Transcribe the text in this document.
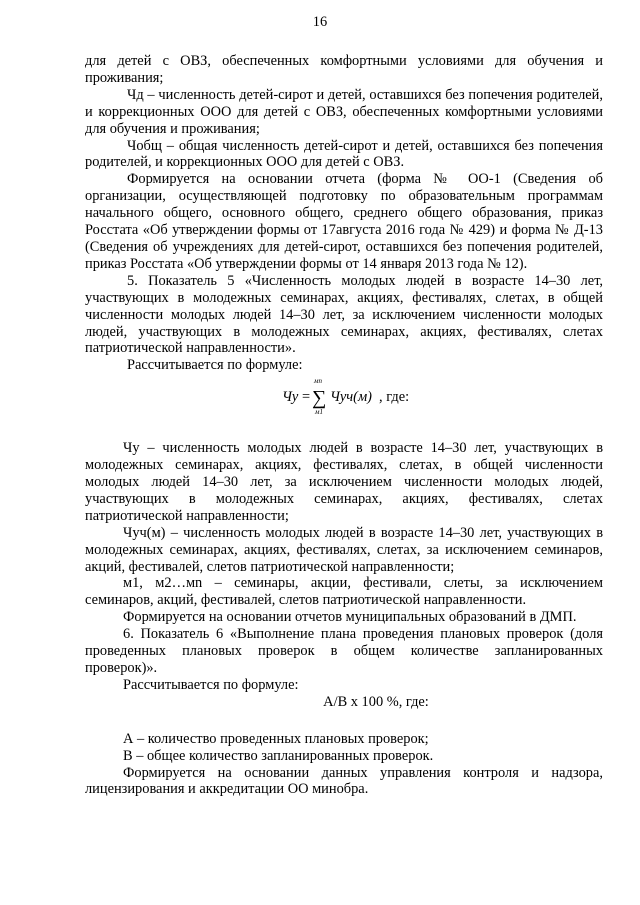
16

для детей с ОВЗ, обеспеченных комфортными условиями для обучения и проживания;

Чд – численность детей-сирот и детей, оставшихся без попечения родителей, и коррекционных ООО для детей с ОВЗ, обеспеченных комфортными условиями для обучения и проживания;

Чобщ – общая численность детей-сирот и детей, оставшихся без попечения родителей, и коррекционных ООО для детей с ОВЗ.

Формируется на основании отчета (форма № ОО-1 (Сведения об организации, осуществляющей подготовку по образовательным программам начального общего, основного общего, среднего общего образования, приказ Росстата «Об утверждении формы от 17августа 2016 года № 429) и форма № Д-13 (Сведения об учреждениях для детей-сирот, оставшихся без попечения родителей, приказ Росстата «Об утверждении формы от 14 января 2013 года № 12).

5. Показатель 5 «Численность молодых людей в возрасте 14–30 лет, участвующих в молодежных семинарах, акциях, фестивалях, слетах, в общей численности молодых людей 14–30 лет, за исключением численности молодых людей, участвующих в молодежных семинарах, акциях, фестивалях, слетах патриотической направленности».

Рассчитывается по формуле:

Чу =
мn
∑
м1
Чуч(м) , где:

Чу – численность молодых людей в возрасте 14–30 лет, участвующих в молодежных семинарах, акциях, фестивалях, слетах, в общей численности молодых людей 14–30 лет, за исключением численности молодых людей, участвующих в молодежных семинарах, акциях, фестивалях, слетах патриотической направленности;

Чуч(м) – численность молодых людей в возрасте 14–30 лет, участвующих в молодежных семинарах, акциях, фестивалях, слетах, за исключением семинаров, акций, фестивалей, слетов патриотической направленности;

м1, м2…мn – семинары, акции, фестивали, слеты, за исключением семинаров, акций, фестивалей, слетов патриотической направленности.

Формируется на основании отчетов муниципальных образований в ДМП.

6. Показатель 6 «Выполнение плана проведения плановых проверок (доля проведенных плановых проверок в общем количестве запланированных проверок)».

Рассчитывается по формуле:

А/В х 100 %, где:

А – количество проведенных плановых проверок;

В – общее количество запланированных проверок.

Формируется на основании данных управления контроля и надзора, лицензирования и аккредитации ОО минобра.
